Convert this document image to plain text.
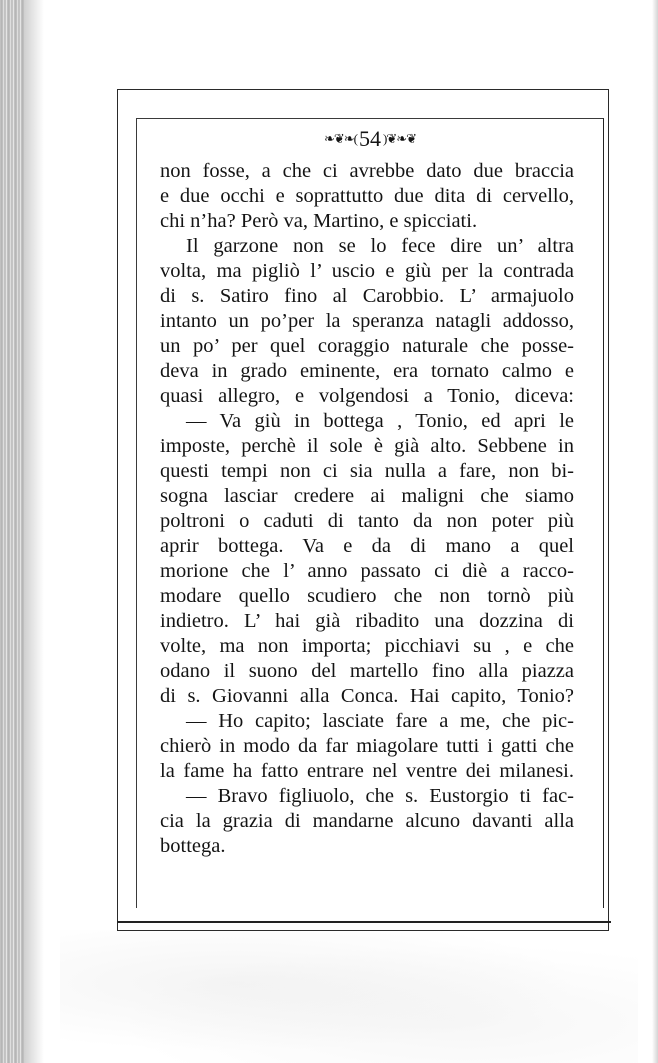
❧❦❧(54 )❦❧❦
non fosse, a che ci avrebbe dato due braccia
e due occhi e soprattutto due dita di cervello,
chi n’ha? Però va, Martino, e spicciati.
Il garzone non se lo fece dire un’ altra
volta, ma pigliò l’ uscio e giù per la contrada
di s. Satiro fino al Carobbio. L’ armajuolo
intanto un po’per la speranza natagli addosso,
un po’ per quel coraggio naturale che posse-
deva in grado eminente, era tornato calmo e
quasi allegro, e volgendosi a Tonio, diceva:
— Va giù in bottega , Tonio, ed apri le
imposte, perchè il sole è già alto. Sebbene in
questi tempi non ci sia nulla a fare, non bi-
sogna lasciar credere ai maligni che siamo
poltroni o caduti di tanto da non poter più
aprir bottega. Va e da di mano a quel
morione che l’ anno passato ci diè a racco-
modare quello scudiero che non tornò più
indietro. L’ hai già ribadito una dozzina di
volte, ma non importa; picchiavi su , e che
odano il suono del martello fino alla piazza
di s. Giovanni alla Conca. Hai capito, Tonio?
— Ho capito; lasciate fare a me, che pic-
chierò in modo da far miagolare tutti i gatti che
la fame ha fatto entrare nel ventre dei milanesi.
— Bravo figliuolo, che s. Eustorgio ti fac-
cia la grazia di mandarne alcuno davanti alla
bottega.
